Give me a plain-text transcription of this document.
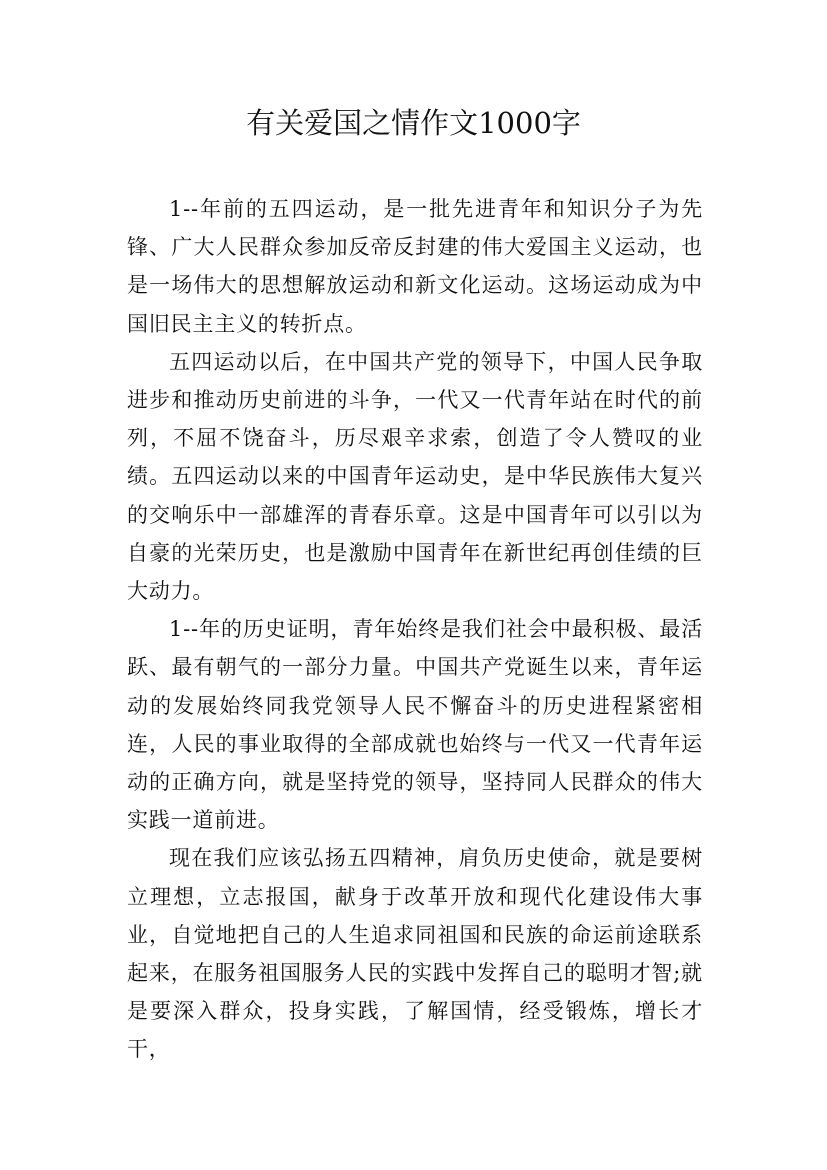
有关爱国之情作文1000字

1--年前的五四运动，是一批先进青年和知识分子为先锋、广大人民群众参加反帝反封建的伟大爱国主义运动，也是一场伟大的思想解放运动和新文化运动。这场运动成为中国旧民主主义的转折点。

五四运动以后，在中国共产党的领导下，中国人民争取进步和推动历史前进的斗争，一代又一代青年站在时代的前列，不屈不饶奋斗，历尽艰辛求索，创造了令人赞叹的业绩。五四运动以来的中国青年运动史，是中华民族伟大复兴的交响乐中一部雄浑的青春乐章。这是中国青年可以引以为自豪的光荣历史，也是激励中国青年在新世纪再创佳绩的巨大动力。

1--年的历史证明，青年始终是我们社会中最积极、最活跃、最有朝气的一部分力量。中国共产党诞生以来，青年运动的发展始终同我党领导人民不懈奋斗的历史进程紧密相连，人民的事业取得的全部成就也始终与一代又一代青年运动的正确方向，就是坚持党的领导，坚持同人民群众的伟大实践一道前进。

现在我们应该弘扬五四精神，肩负历史使命，就是要树立理想，立志报国，献身于改革开放和现代化建设伟大事业，自觉地把自己的人生追求同祖国和民族的命运前途联系起来，在服务祖国服务人民的实践中发挥自己的聪明才智;就是要深入群众，投身实践，了解国情，经受锻炼，增长才干，
